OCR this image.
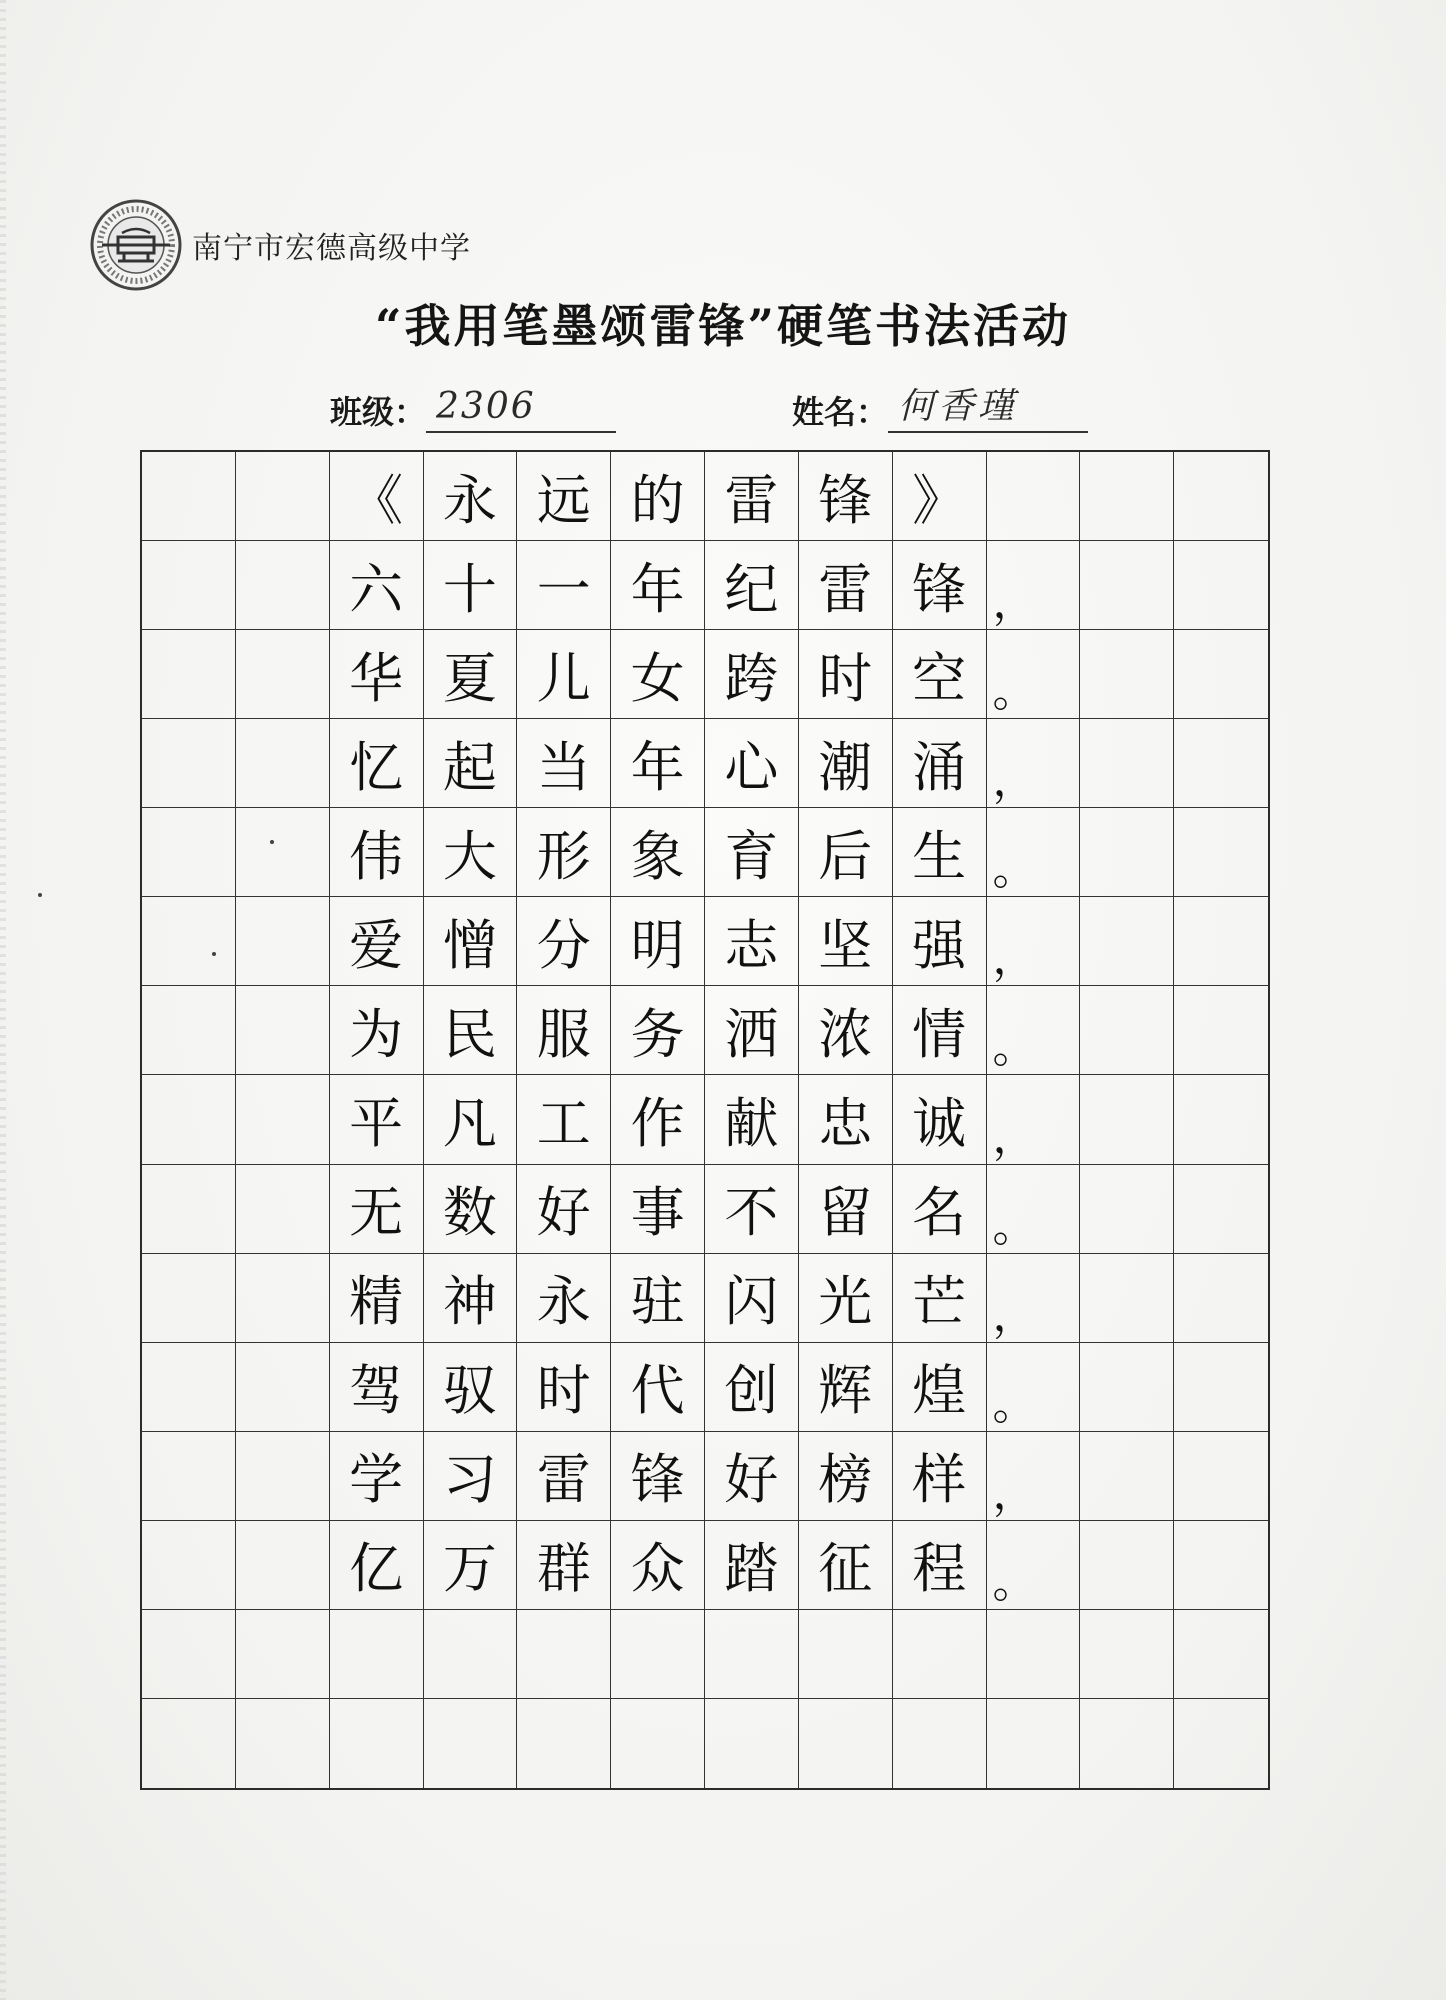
南宁市宏德高级中学
“我用笔墨颂雷锋”硬笔书法活动
班级： 2306	姓名： 何香瑾
《 永 远 的 雷 锋 》
六 十 一 年 纪 雷 锋 ，
华 夏 儿 女 跨 时 空 。
忆 起 当 年 心 潮 涌 ，
伟 大 形 象 育 后 生 。
爱 憎 分 明 志 坚 强 ，
为 民 服 务 洒 浓 情 。
平 凡 工 作 献 忠 诚 ，
无 数 好 事 不 留 名 。
精 神 永 驻 闪 光 芒 ，
驾 驭 时 代 创 辉 煌 。
学 习 雷 锋 好 榜 样 ，
亿 万 群 众 踏 征 程 。
